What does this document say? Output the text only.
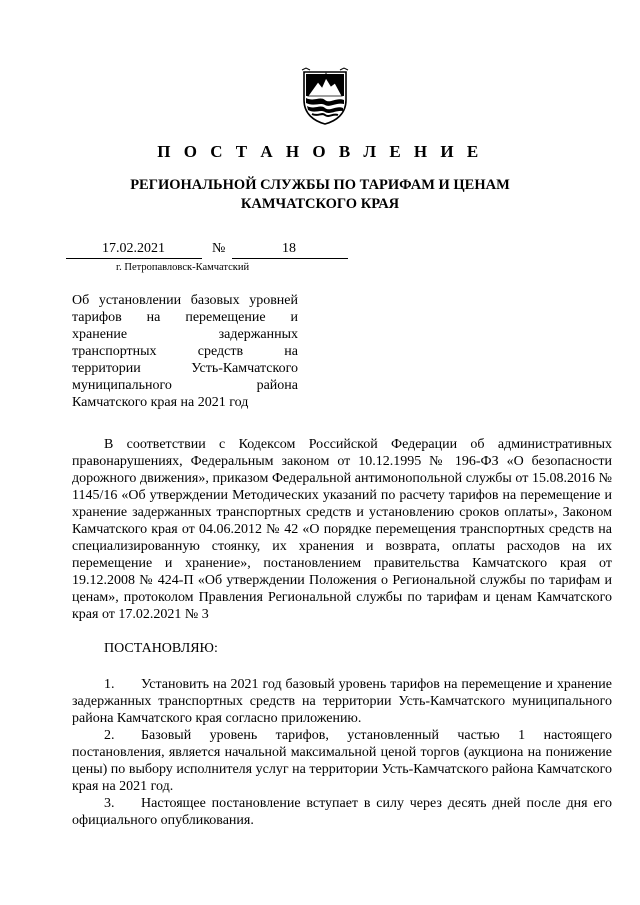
П О С Т А Н О В Л Е Н И Е
РЕГИОНАЛЬНОЙ СЛУЖБЫ ПО ТАРИФАМ И ЦЕНАМ
КАМЧАТСКОГО КРАЯ
17.02.2021	№	18
г. Петропавловск-Камчатский
Об установлении базовых уровней
тарифов на перемещение и
хранение задержанных
транспортных средств на
территории Усть-Камчатского
муниципального района
Камчатского края на 2021 год

В соответствии с Кодексом Российской Федерации об административных правонарушениях, Федеральным законом от 10.12.1995 № 196-ФЗ «О безопасности дорожного движения», приказом Федеральной антимонопольной службы от 15.08.2016 № 1145/16 «Об утверждении Методических указаний по расчету тарифов на перемещение и хранение задержанных транспортных средств и установлению сроков оплаты», Законом Камчатского края от 04.06.2012 № 42 «О порядке перемещения транспортных средств на специализированную стоянку, их хранения и возврата, оплаты расходов на их перемещение и хранение», постановлением правительства Камчатского края от 19.12.2008 № 424-П «Об утверждении Положения о Региональной службы по тарифам и ценам», протоколом Правления Региональной службы по тарифам и ценам Камчатского края от 17.02.2021 № 3

ПОСТАНОВЛЯЮ:

1. Установить на 2021 год базовый уровень тарифов на перемещение и хранение задержанных транспортных средств на территории Усть-Камчатского муниципального района Камчатского края согласно приложению.

2. Базовый уровень тарифов, установленный частью 1 настоящего постановления, является начальной максимальной ценой торгов (аукциона на понижение цены) по выбору исполнителя услуг на территории Усть-Камчатского района Камчатского края на 2021 год.

3. Настоящее постановление вступает в силу через десять дней после дня его официального опубликования.
